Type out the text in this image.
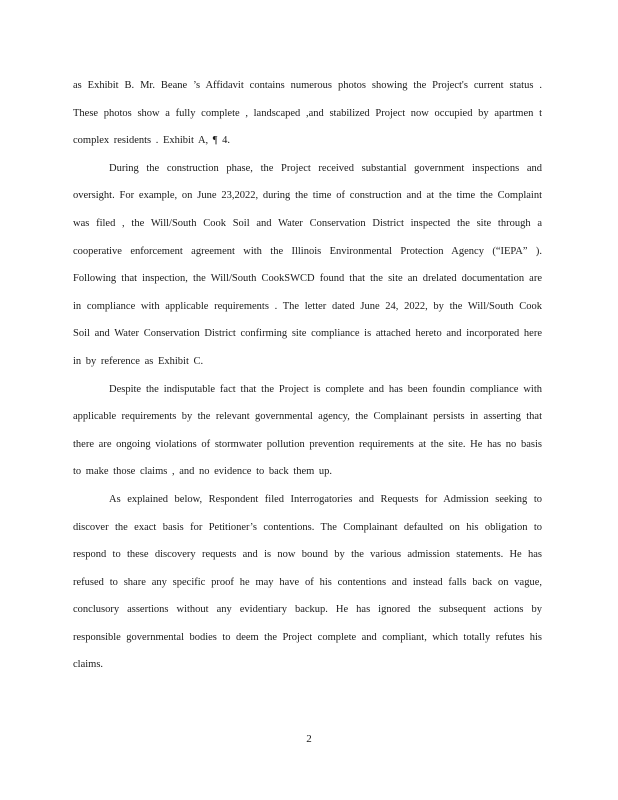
as Exhibit B. Mr. Beane ’s Affidavit contains numerous photos showing the Project's current status . These photos show a fully complete , landscaped ,and stabilized Project now occupied by apartmen t complex residents . Exhibit A, ¶ 4.

During the construction phase, the Project received substantial government inspections and oversight. For example, on June 23,2022, during the time of construction and at the time the Complaint was filed , the Will/South Cook Soil and Water Conservation District inspected the site through a cooperative enforcement agreement with the Illinois Environmental Protection Agency (“IEPA” ). Following that inspection, the Will/South CookSWCD found that the site an drelated documentation are in compliance with applicable requirements . The letter dated June 24, 2022, by the Will/South Cook Soil and Water Conservation District confirming site compliance is attached hereto and incorporated here in by reference as Exhibit C.

Despite the indisputable fact that the Project is complete and has been foundin compliance with applicable requirements by the relevant governmental agency, the Complainant persists in asserting that there are ongoing violations of stormwater pollution prevention requirements at the site. He has no basis to make those claims , and no evidence to back them up.

As explained below, Respondent filed Interrogatories and Requests for Admission seeking to discover the exact basis for Petitioner’s contentions. The Complainant defaulted on his obligation to respond to these discovery requests and is now bound by the various admission statements. He has refused to share any specific proof he may have of his contentions and instead falls back on vague, conclusory assertions without any evidentiary backup. He has ignored the subsequent actions by responsible governmental bodies to deem the Project complete and compliant, which totally refutes his claims.

2
